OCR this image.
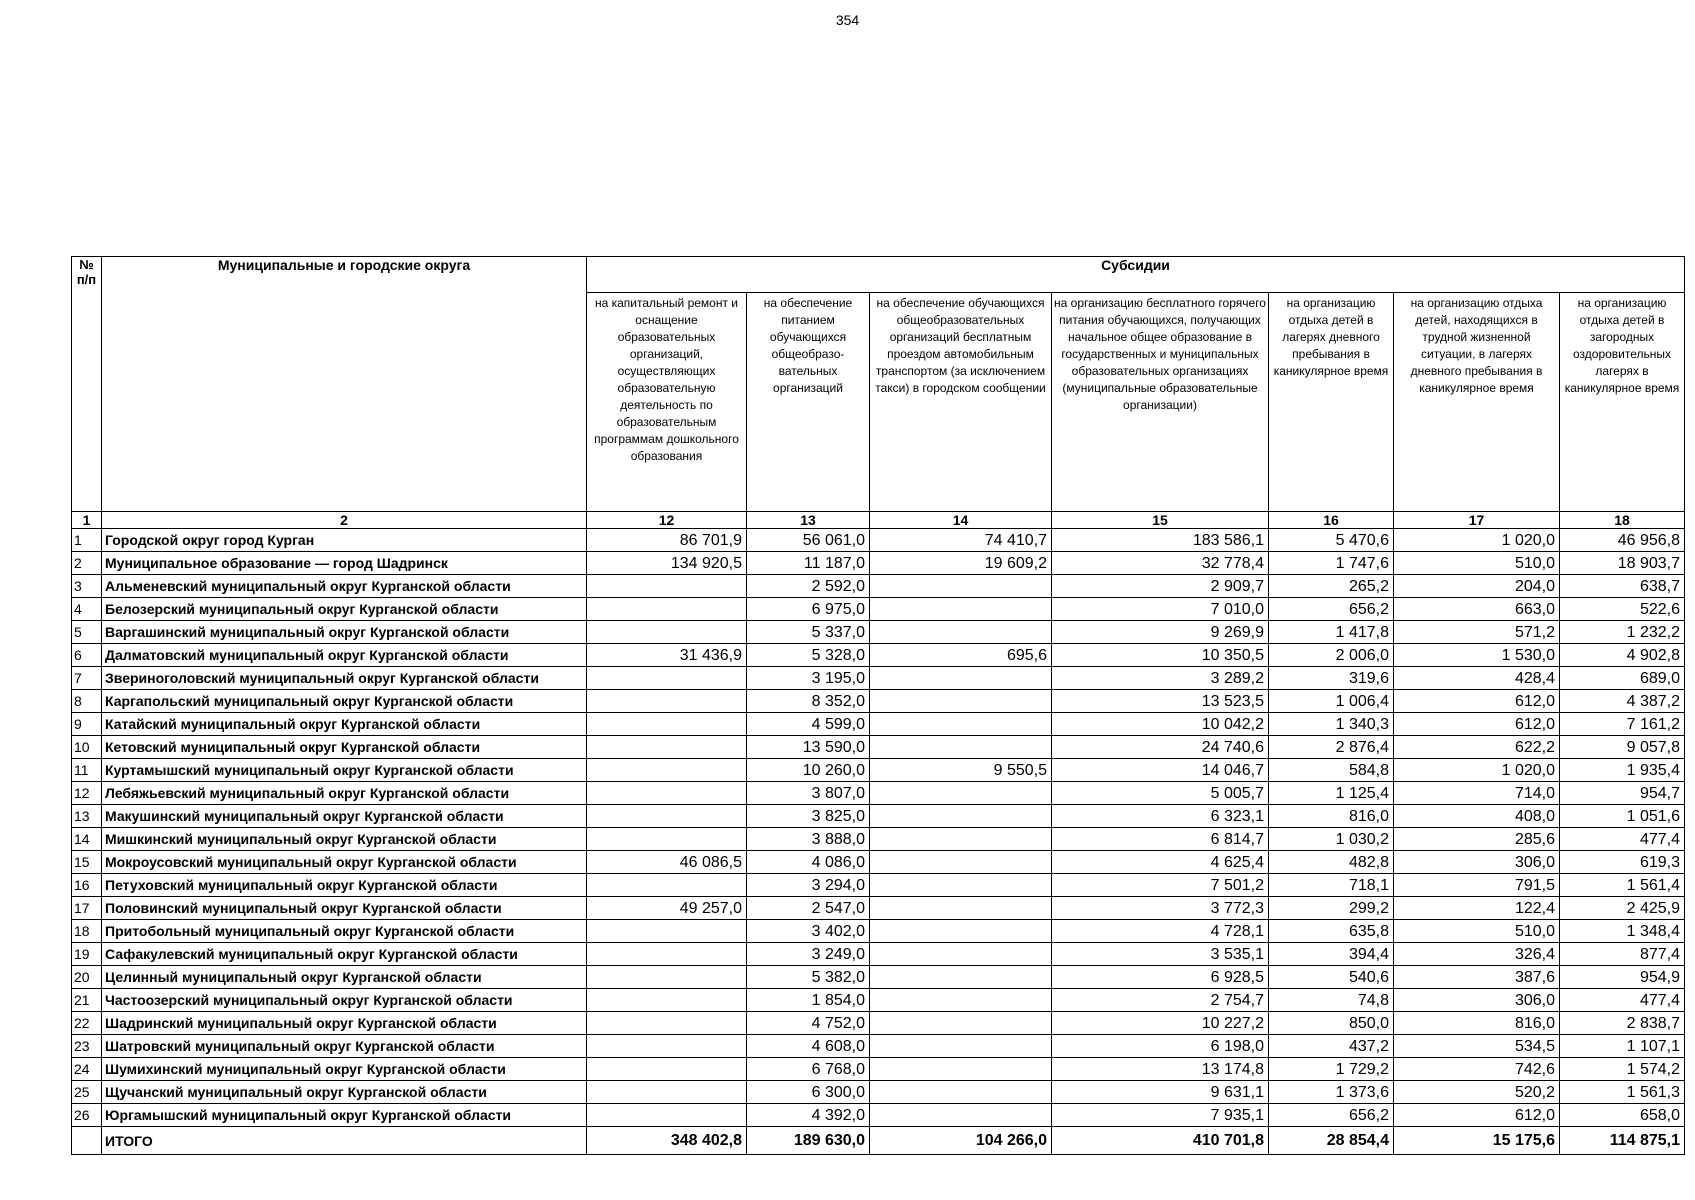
354
№ п/п	Муниципальные и городские округа	Субсидии						
		на капитальный ремонт и оснащение образовательных организаций, осуществляющих образовательную деятельность по образовательным программам дошкольного образования	на обеспечение питанием обучающихся общеобразо-вательных организаций	на обеспечение обучающихся общеобразовательных организаций бесплатным проездом автомобильным транспортом (за исключением такси) в городском сообщении	на организацию бесплатного горячего питания обучающихся, получающих начальное общее образование в государственных и муниципальных образовательных организациях (муниципальные образовательные организации)	на организацию отдыха детей в лагерях дневного пребывания в каникулярное время	на организацию отдыха детей, находящихся в трудной жизненной ситуации, в лагерях дневного пребывания в каникулярное время	на организацию отдыха детей в загородных оздоровительных лагерях в каникулярное время
1	2	12	13	14	15	16	17	18
1	Городской округ город Курган	86 701,9	56 061,0	74 410,7	183 586,1	5 470,6	1 020,0	46 956,8
2	Муниципальное образование — город Шадринск	134 920,5	11 187,0	19 609,2	32 778,4	1 747,6	510,0	18 903,7
3	Альменевский муниципальный округ Курганской области		2 592,0		2 909,7	265,2	204,0	638,7
4	Белозерский муниципальный округ Курганской области		6 975,0		7 010,0	656,2	663,0	522,6
5	Варгашинский муниципальный округ Курганской области		5 337,0		9 269,9	1 417,8	571,2	1 232,2
6	Далматовский муниципальный округ Курганской области	31 436,9	5 328,0	695,6	10 350,5	2 006,0	1 530,0	4 902,8
7	Звериноголовский муниципальный округ Курганской области		3 195,0		3 289,2	319,6	428,4	689,0
8	Каргапольский муниципальный округ Курганской области		8 352,0		13 523,5	1 006,4	612,0	4 387,2
9	Катайский муниципальный округ Курганской области		4 599,0		10 042,2	1 340,3	612,0	7 161,2
10	Кетовский муниципальный округ Курганской области		13 590,0		24 740,6	2 876,4	622,2	9 057,8
11	Куртамышский муниципальный округ Курганской области		10 260,0	9 550,5	14 046,7	584,8	1 020,0	1 935,4
12	Лебяжьевский муниципальный округ Курганской области		3 807,0		5 005,7	1 125,4	714,0	954,7
13	Макушинский муниципальный округ Курганской области		3 825,0		6 323,1	816,0	408,0	1 051,6
14	Мишкинский муниципальный округ Курганской области		3 888,0		6 814,7	1 030,2	285,6	477,4
15	Мокроусовский муниципальный округ Курганской области	46 086,5	4 086,0		4 625,4	482,8	306,0	619,3
16	Петуховский муниципальный округ Курганской области		3 294,0		7 501,2	718,1	791,5	1 561,4
17	Половинский муниципальный округ Курганской области	49 257,0	2 547,0		3 772,3	299,2	122,4	2 425,9
18	Притобольный муниципальный округ Курганской области		3 402,0		4 728,1	635,8	510,0	1 348,4
19	Сафакулевский муниципальный округ Курганской области		3 249,0		3 535,1	394,4	326,4	877,4
20	Целинный муниципальный округ Курганской области		5 382,0		6 928,5	540,6	387,6	954,9
21	Частоозерский муниципальный округ Курганской области		1 854,0		2 754,7	74,8	306,0	477,4
22	Шадринский муниципальный округ Курганской области		4 752,0		10 227,2	850,0	816,0	2 838,7
23	Шатровский муниципальный округ Курганской области		4 608,0		6 198,0	437,2	534,5	1 107,1
24	Шумихинский муниципальный округ Курганской области		6 768,0		13 174,8	1 729,2	742,6	1 574,2
25	Щучанский муниципальный округ Курганской области		6 300,0		9 631,1	1 373,6	520,2	1 561,3
26	Юргамышский муниципальный округ Курганской области		4 392,0		7 935,1	656,2	612,0	658,0
	ИТОГО	348 402,8	189 630,0	104 266,0	410 701,8	28 854,4	15 175,6	114 875,1
